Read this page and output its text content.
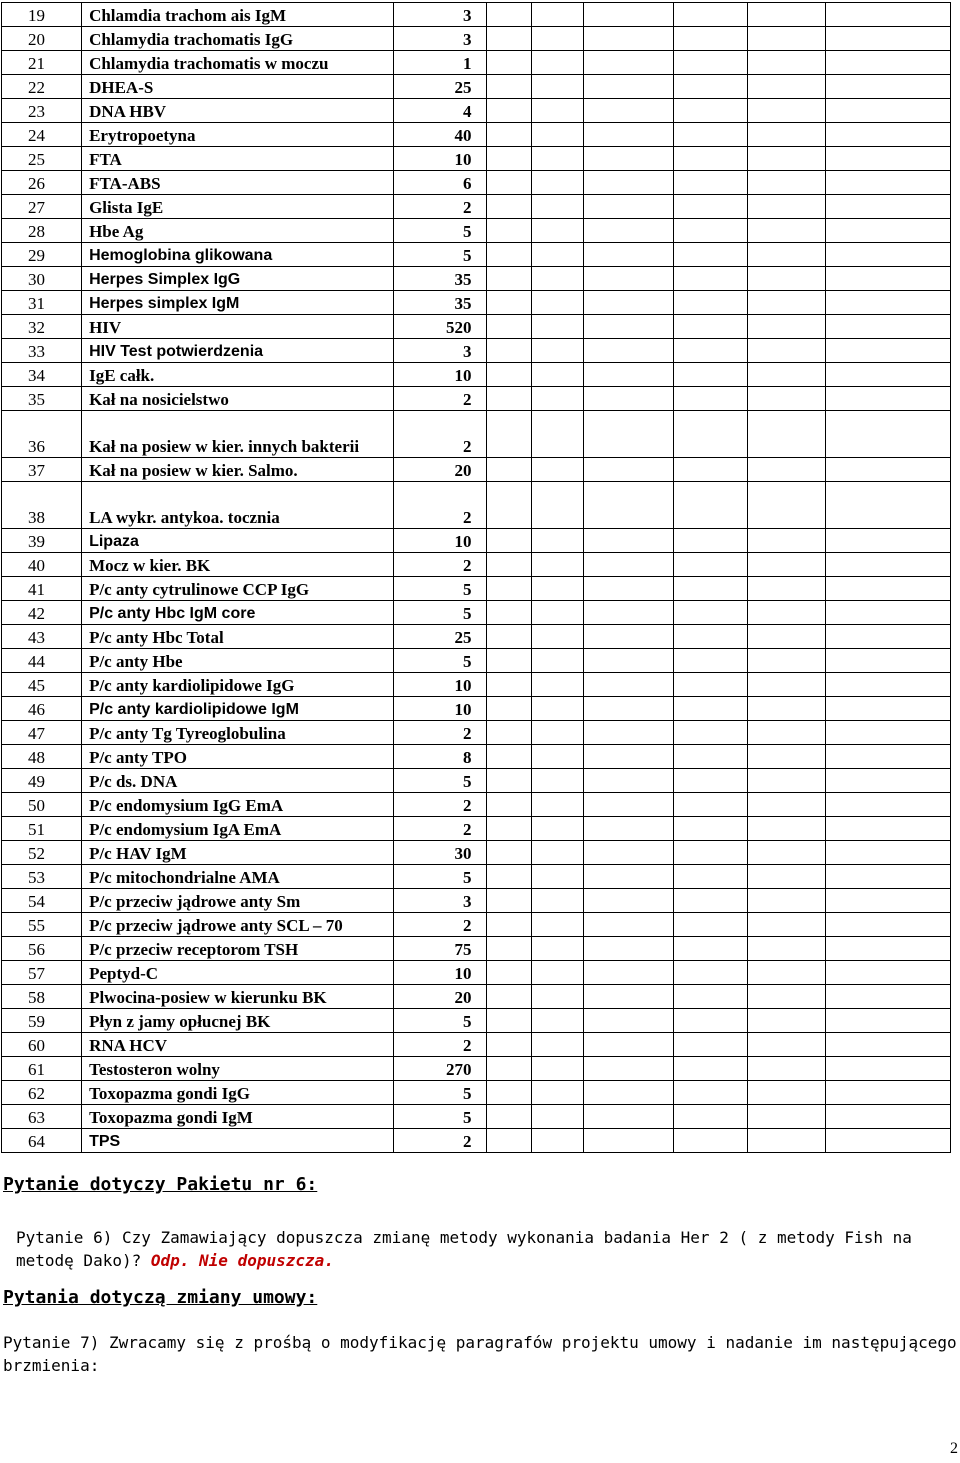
19	Chlamdia trachom ais IgM	3						
20	Chlamydia trachomatis IgG	3						
21	Chlamydia trachomatis w moczu	1						
22	DHEA-S	25						
23	DNA HBV	4						
24	Erytropoetyna	40						
25	FTA	10						
26	FTA-ABS	6						
27	Glista IgE	2						
28	Hbe Ag	5						
29	Hemoglobina glikowana	5						
30	Herpes Simplex IgG	35						
31	Herpes simplex IgM	35						
32	HIV	520						
33	HIV Test potwierdzenia	3						
34	IgE całk.	10						
35	Kał na nosicielstwo	2						
36	Kał na posiew w kier. innych bakterii	2						
37	Kał na posiew w kier. Salmo.	20						
38	LA wykr. antykoa. tocznia	2						
39	Lipaza	10						
40	Mocz w kier. BK	2						
41	P/c anty cytrulinowe CCP IgG	5						
42	P/c anty Hbc IgM core	5						
43	P/c anty Hbc Total	25						
44	P/c anty Hbe	5						
45	P/c anty kardiolipidowe IgG	10						
46	P/c anty kardiolipidowe IgM	10						
47	P/c anty Tg Tyreoglobulina	2						
48	P/c anty TPO	8						
49	P/c ds. DNA	5						
50	P/c endomysium IgG EmA	2						
51	P/c endomysium IgA EmA	2						
52	P/c HAV IgM	30						
53	P/c mitochondrialne AMA	5						
54	P/c przeciw jądrowe anty Sm	3						
55	P/c przeciw jądrowe anty SCL – 70	2						
56	P/c przeciw receptorom TSH	75						
57	Peptyd-C	10						
58	Plwocina-posiew w kierunku BK	20						
59	Płyn z jamy opłucnej BK	5						
60	RNA HCV	2						
61	Testosteron wolny	270						
62	Toxopazma gondi IgG	5						
63	Toxopazma gondi IgM	5						
64	TPS	2						
Pytanie dotyczy Pakietu nr 6:
Pytanie 6) Czy Zamawiający dopuszcza zmianę metody wykonania badania Her 2 ( z metody Fish na metodę Dako)? Odp. Nie dopuszcza.
Pytania dotyczą zmiany umowy:
Pytanie 7) Zwracamy się z prośbą o modyfikację paragrafów projektu umowy i nadanie im następującego brzmienia:
2
